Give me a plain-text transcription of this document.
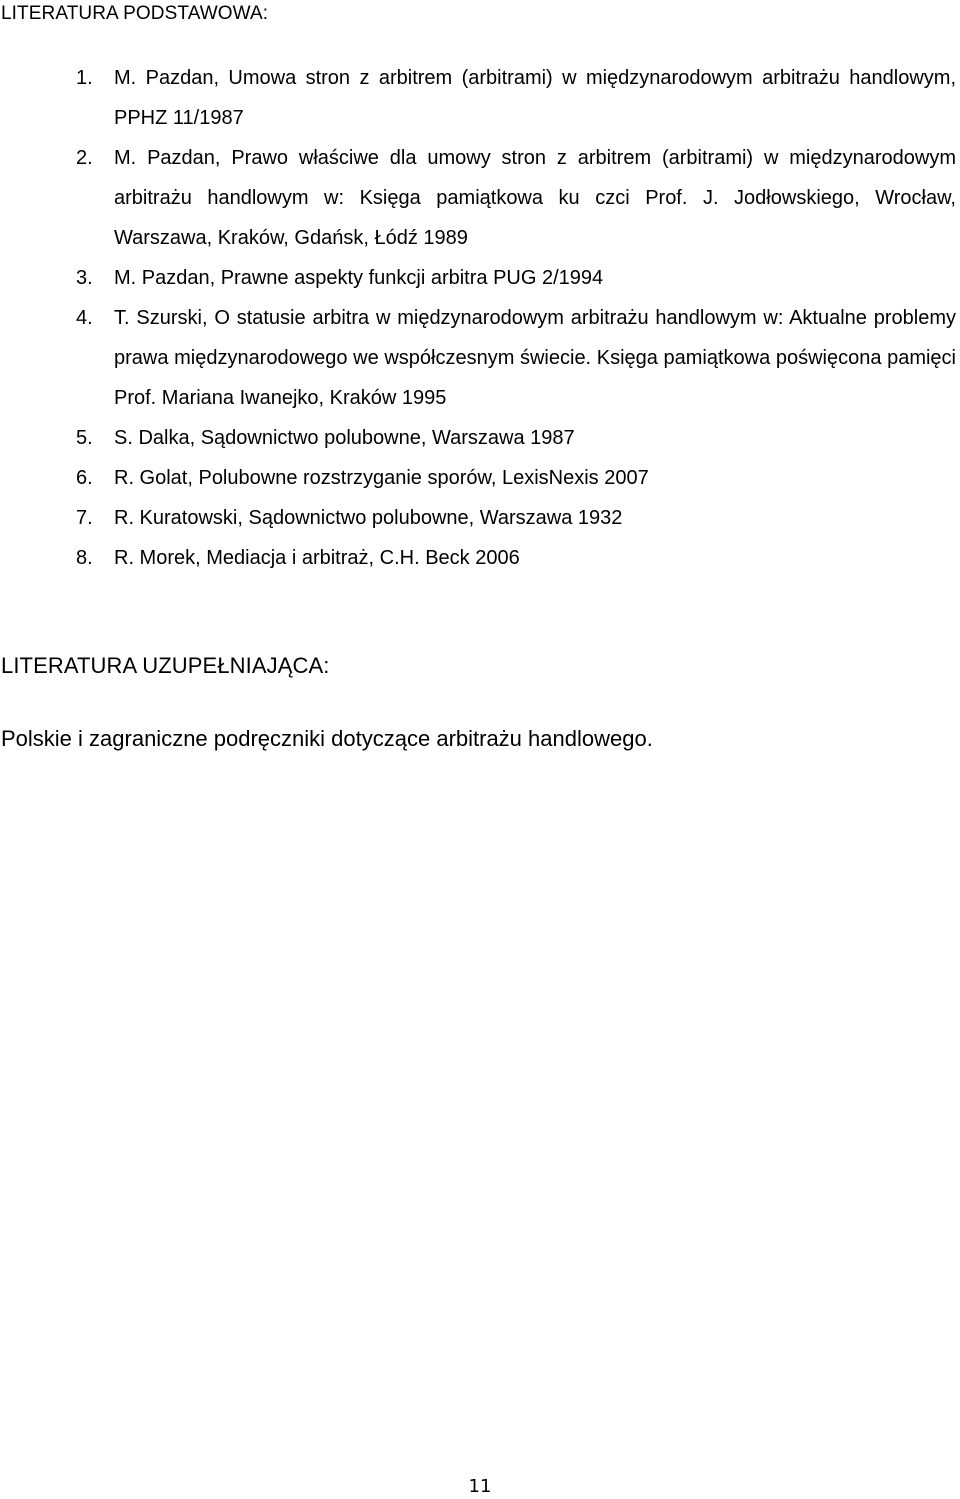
LITERATURA PODSTAWOWA:
1. M. Pazdan, Umowa stron z arbitrem (arbitrami) w międzynarodowym arbitrażu handlowym, PPHZ 11/1987
2. M. Pazdan, Prawo właściwe dla umowy stron z arbitrem (arbitrami) w międzynarodowym arbitrażu handlowym w: Księga pamiątkowa ku czci Prof. J. Jodłowskiego, Wrocław, Warszawa, Kraków, Gdańsk, Łódź 1989
3. M. Pazdan, Prawne aspekty funkcji arbitra PUG 2/1994
4. T. Szurski, O statusie arbitra w międzynarodowym arbitrażu handlowym w: Aktualne problemy prawa międzynarodowego we współczesnym świecie. Księga pamiątkowa poświęcona pamięci Prof. Mariana Iwanejko, Kraków 1995
5. S. Dalka, Sądownictwo polubowne, Warszawa 1987
6. R. Golat, Polubowne rozstrzyganie sporów, LexisNexis 2007
7. R. Kuratowski, Sądownictwo polubowne, Warszawa 1932
8. R. Morek, Mediacja i arbitraż, C.H. Beck 2006
LITERATURA UZUPEŁNIAJĄCA:
Polskie i zagraniczne podręczniki dotyczące arbitrażu handlowego.
11
